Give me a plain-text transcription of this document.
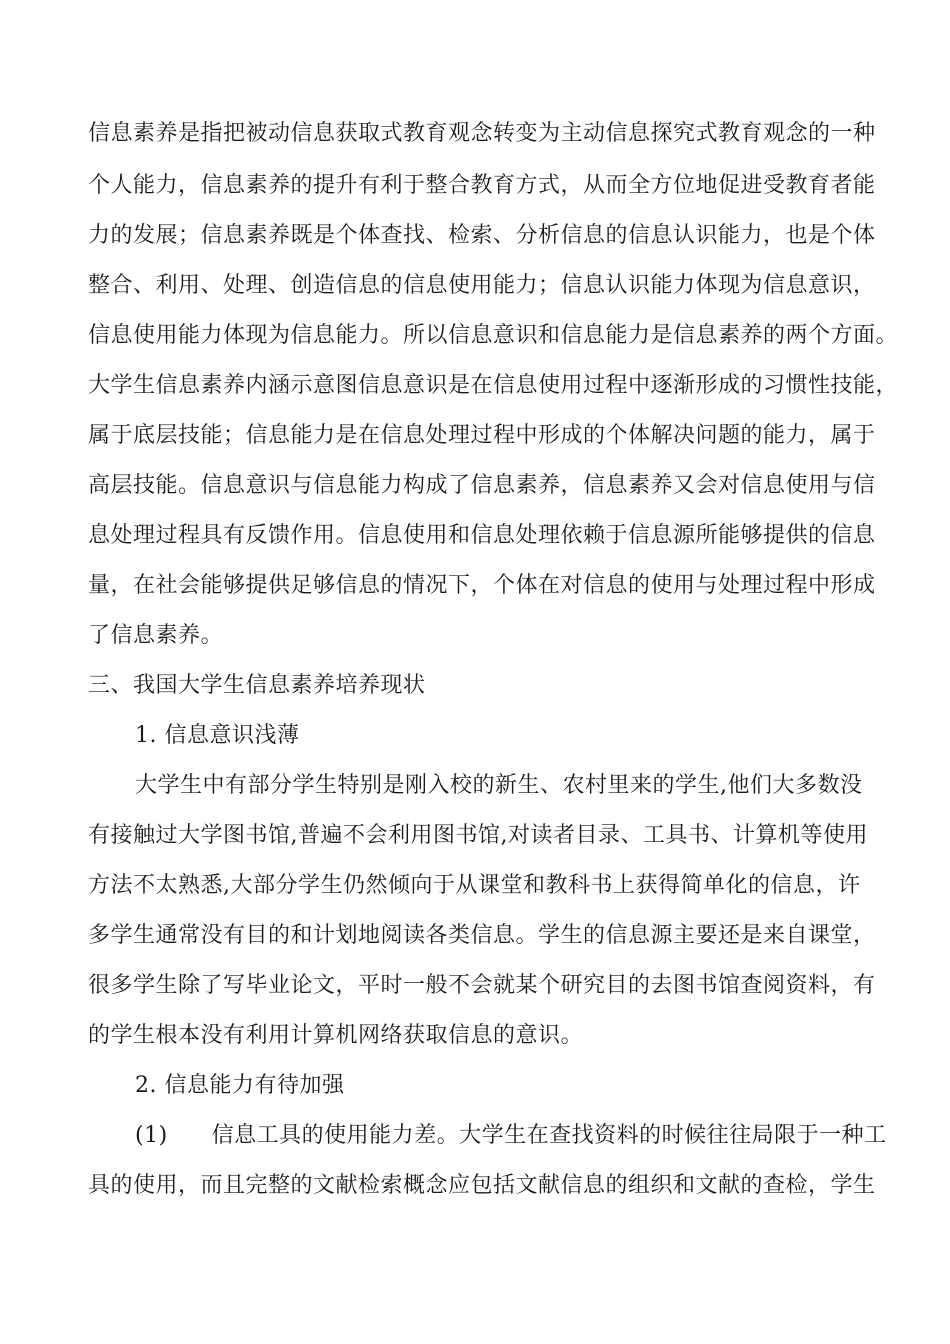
信息素养是指把被动信息获取式教育观念转变为主动信息探究式教育观念的一种
个人能力，信息素养的提升有利于整合教育方式，从而全方位地促进受教育者能
力的发展；信息素养既是个体查找、检索、分析信息的信息认识能力，也是个体
整合、利用、处理、创造信息的信息使用能力；信息认识能力体现为信息意识，
信息使用能力体现为信息能力。所以信息意识和信息能力是信息素养的两个方面。
大学生信息素养内涵示意图信息意识是在信息使用过程中逐渐形成的习惯性技能，
属于底层技能；信息能力是在信息处理过程中形成的个体解决问题的能力，属于
高层技能。信息意识与信息能力构成了信息素养，信息素养又会对信息使用与信
息处理过程具有反馈作用。信息使用和信息处理依赖于信息源所能够提供的信息
量，在社会能够提供足够信息的情况下，个体在对信息的使用与处理过程中形成
了信息素养。
三、我国大学生信息素养培养现状
1. 信息意识浅薄
大学生中有部分学生特别是刚入校的新生、农村里来的学生,他们大多数没
有接触过大学图书馆,普遍不会利用图书馆,对读者目录、工具书、计算机等使用
方法不太熟悉,大部分学生仍然倾向于从课堂和教科书上获得简单化的信息，许
多学生通常没有目的和计划地阅读各类信息。学生的信息源主要还是来自课堂，
很多学生除了写毕业论文，平时一般不会就某个研究目的去图书馆查阅资料，有
的学生根本没有利用计算机网络获取信息的意识。
2. 信息能力有待加强
(1) 信息工具的使用能力差。大学生在查找资料的时候往往局限于一种工
具的使用，而且完整的文献检索概念应包括文献信息的组织和文献的查检，学生
